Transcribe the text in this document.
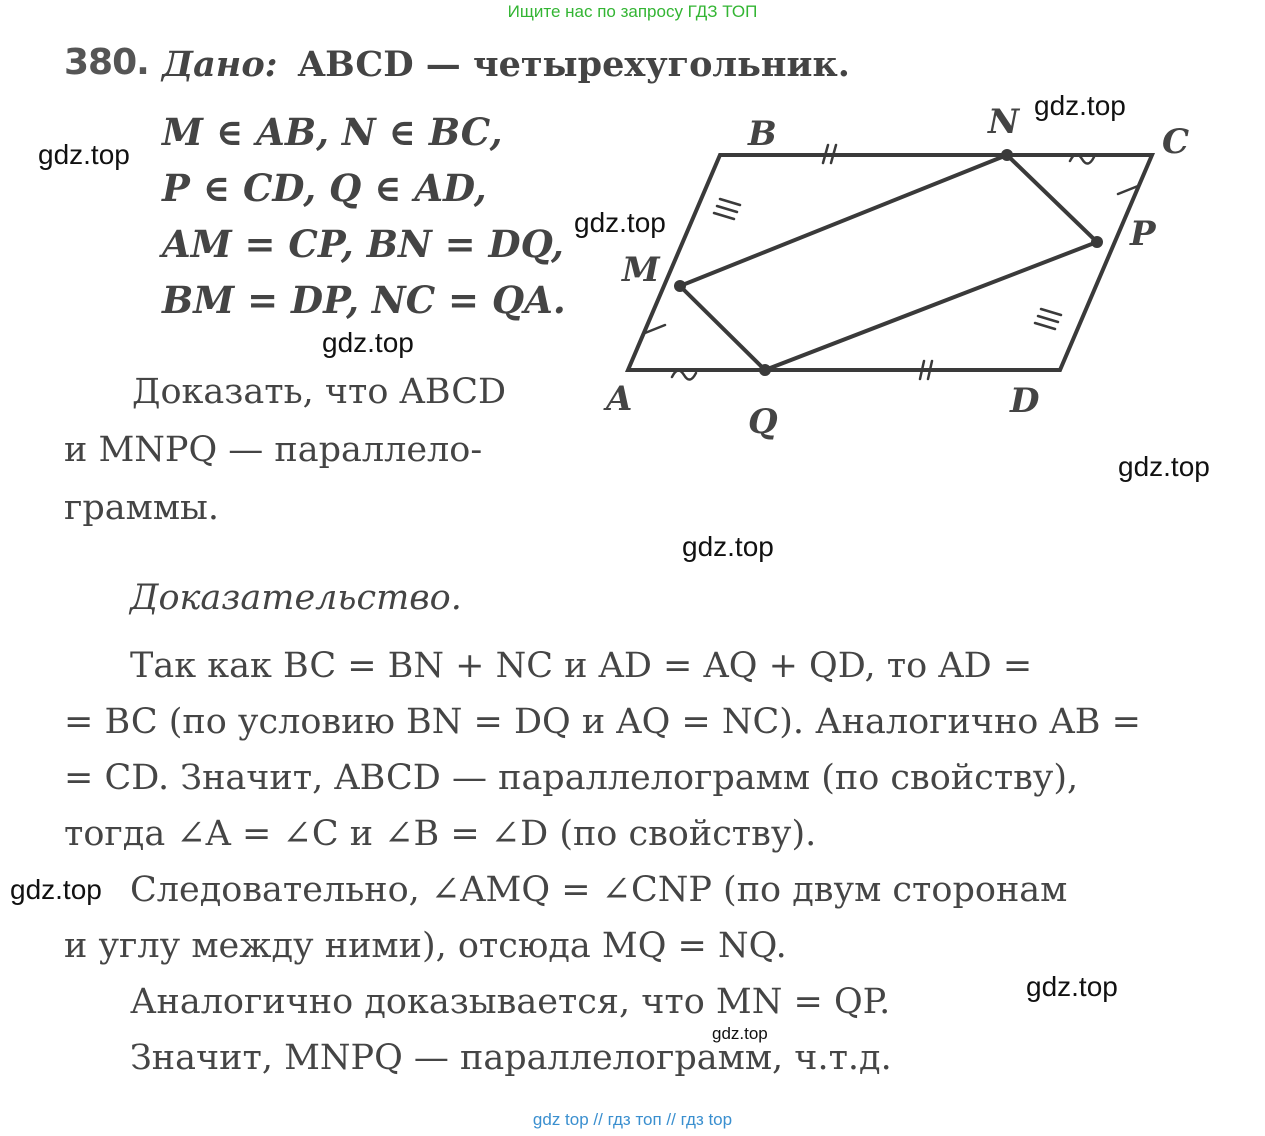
Ищите нас по запросу ГДЗ ТОП
380. Дано: ABCD — четырехугольник.
M ∈ AB, N ∈ BC,
P ∈ CD, Q ∈ AD,
AM = CP, BN = DQ,
BM = DP, NC = QA.
Доказать, что ABCD
и MNPQ — параллело-
граммы.
Доказательство.
Так как BC = BN + NC и AD = AQ + QD, то AD =
= BC (по условию BN = DQ и AQ = NC). Аналогично AB =
= CD. Значит, ABCD — параллелограмм (по свойству),
тогда ∠A = ∠C и ∠B = ∠D (по свойству).
Следовательно, ∠AMQ = ∠CNP (по двум сторонам
и углу между ними), отсюда MQ = NQ.
Аналогично доказывается, что MN = QP.
Значит, MNPQ — параллелограмм, ч.т.д.
A
B	C
D
M
N
P
Q
gdz.top
gdz.top
gdz.top
gdz.top
gdz.top
gdz.top
gdz.top
gdz.top
gdz.top
gdz top // гдз топ // гдз top
